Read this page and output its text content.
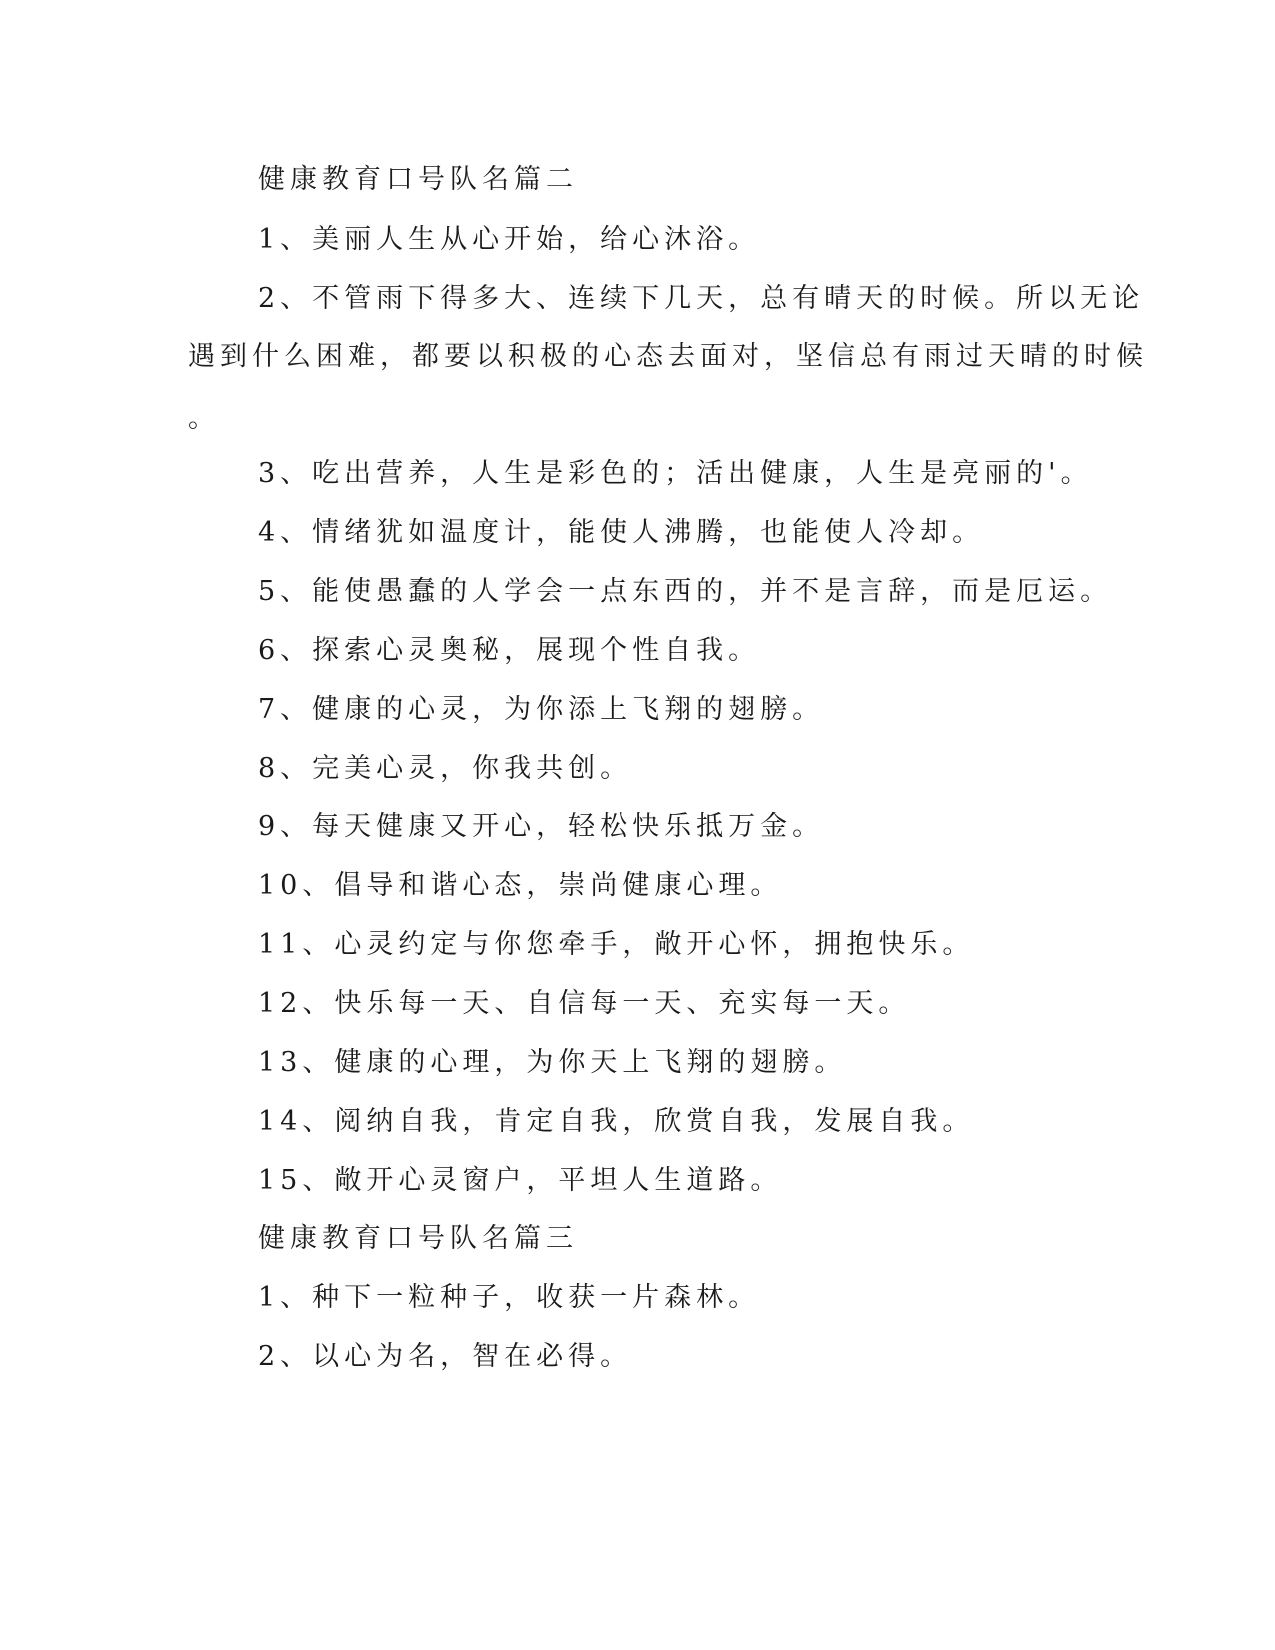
健康教育口号队名篇二
1、美丽人生从心开始，给心沐浴。
2、不管雨下得多大、连续下几天，总有晴天的时候。所以无论
遇到什么困难，都要以积极的心态去面对，坚信总有雨过天晴的时候
。
3、吃出营养，人生是彩色的；活出健康，人生是亮丽的'。
4、情绪犹如温度计，能使人沸腾，也能使人冷却。
5、能使愚蠢的人学会一点东西的，并不是言辞，而是厄运。
6、探索心灵奥秘，展现个性自我。
7、健康的心灵，为你添上飞翔的翅膀。
8、完美心灵，你我共创。
9、每天健康又开心，轻松快乐抵万金。
10、倡导和谐心态，崇尚健康心理。
11、心灵约定与你您牵手，敞开心怀，拥抱快乐。
12、快乐每一天、自信每一天、充实每一天。
13、健康的心理，为你天上飞翔的翅膀。
14、阅纳自我，肯定自我，欣赏自我，发展自我。
15、敞开心灵窗户，平坦人生道路。
健康教育口号队名篇三
1、种下一粒种子，收获一片森林。
2、以心为名，智在必得。
